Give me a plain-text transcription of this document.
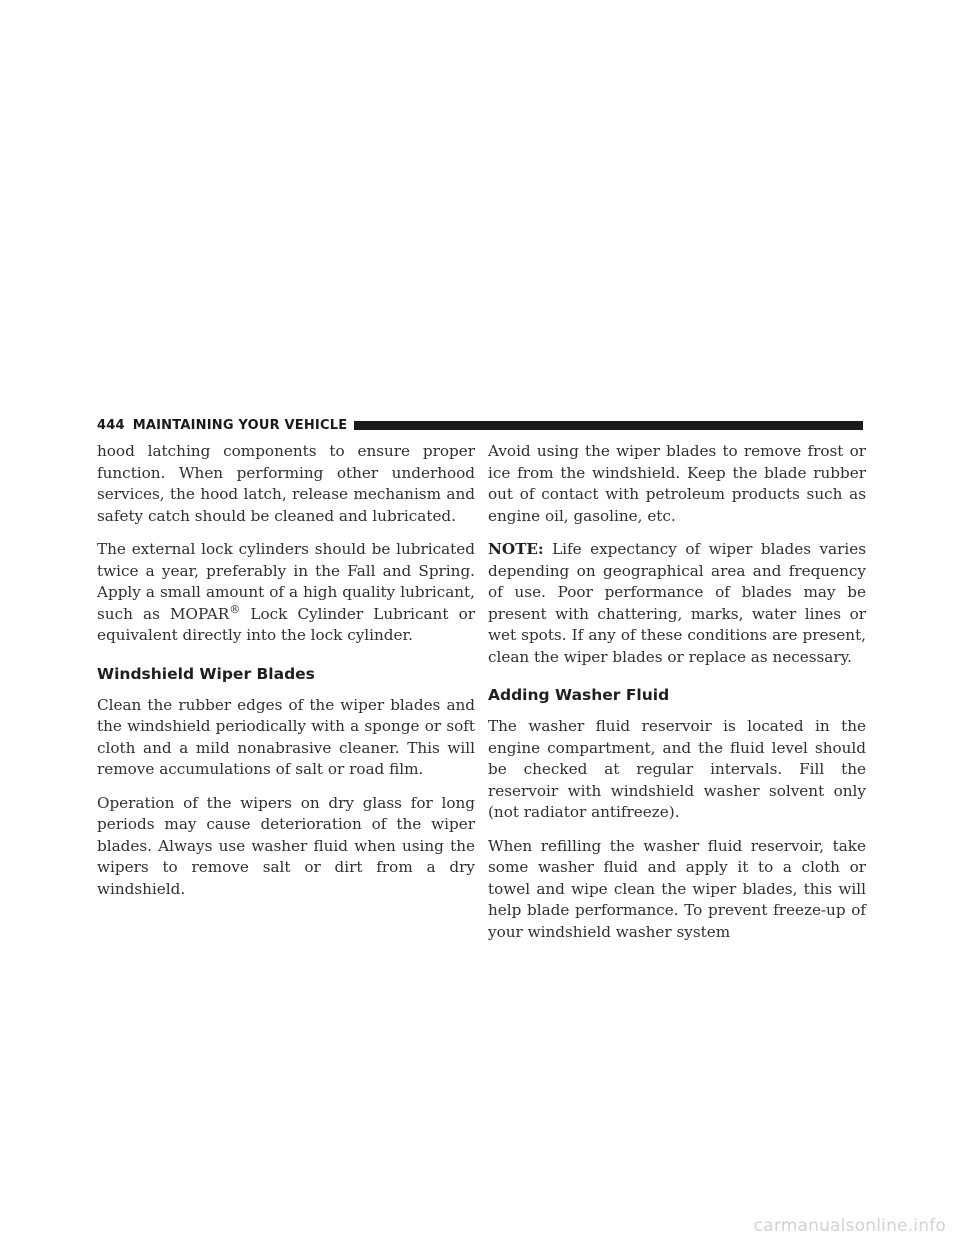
444 MAINTAINING YOUR VEHICLE

hood latching components to ensure proper function. When performing other underhood services, the hood latch, release mechanism and safety catch should be cleaned and lubricated.

The external lock cylinders should be lubricated twice a year, preferably in the Fall and Spring. Apply a small amount of a high quality lubricant, such as MOPAR® Lock Cylinder Lubricant or equivalent directly into the lock cylinder.

Windshield Wiper Blades

Clean the rubber edges of the wiper blades and the windshield periodically with a sponge or soft cloth and a mild nonabrasive cleaner. This will remove accumulations of salt or road film.

Operation of the wipers on dry glass for long periods may cause deterioration of the wiper blades. Always use washer fluid when using the wipers to remove salt or dirt from a dry windshield.

Avoid using the wiper blades to remove frost or ice from the windshield. Keep the blade rubber out of contact with petroleum products such as engine oil, gasoline, etc.

NOTE: Life expectancy of wiper blades varies depending on geographical area and frequency of use. Poor performance of blades may be present with chattering, marks, water lines or wet spots. If any of these conditions are present, clean the wiper blades or replace as necessary.

Adding Washer Fluid

The washer fluid reservoir is located in the engine compartment, and the fluid level should be checked at regular intervals. Fill the reservoir with windshield washer solvent only (not radiator antifreeze).

When refilling the washer fluid reservoir, take some washer fluid and apply it to a cloth or towel and wipe clean the wiper blades, this will help blade performance. To prevent freeze-up of your windshield washer system

carmanualsonline.info
